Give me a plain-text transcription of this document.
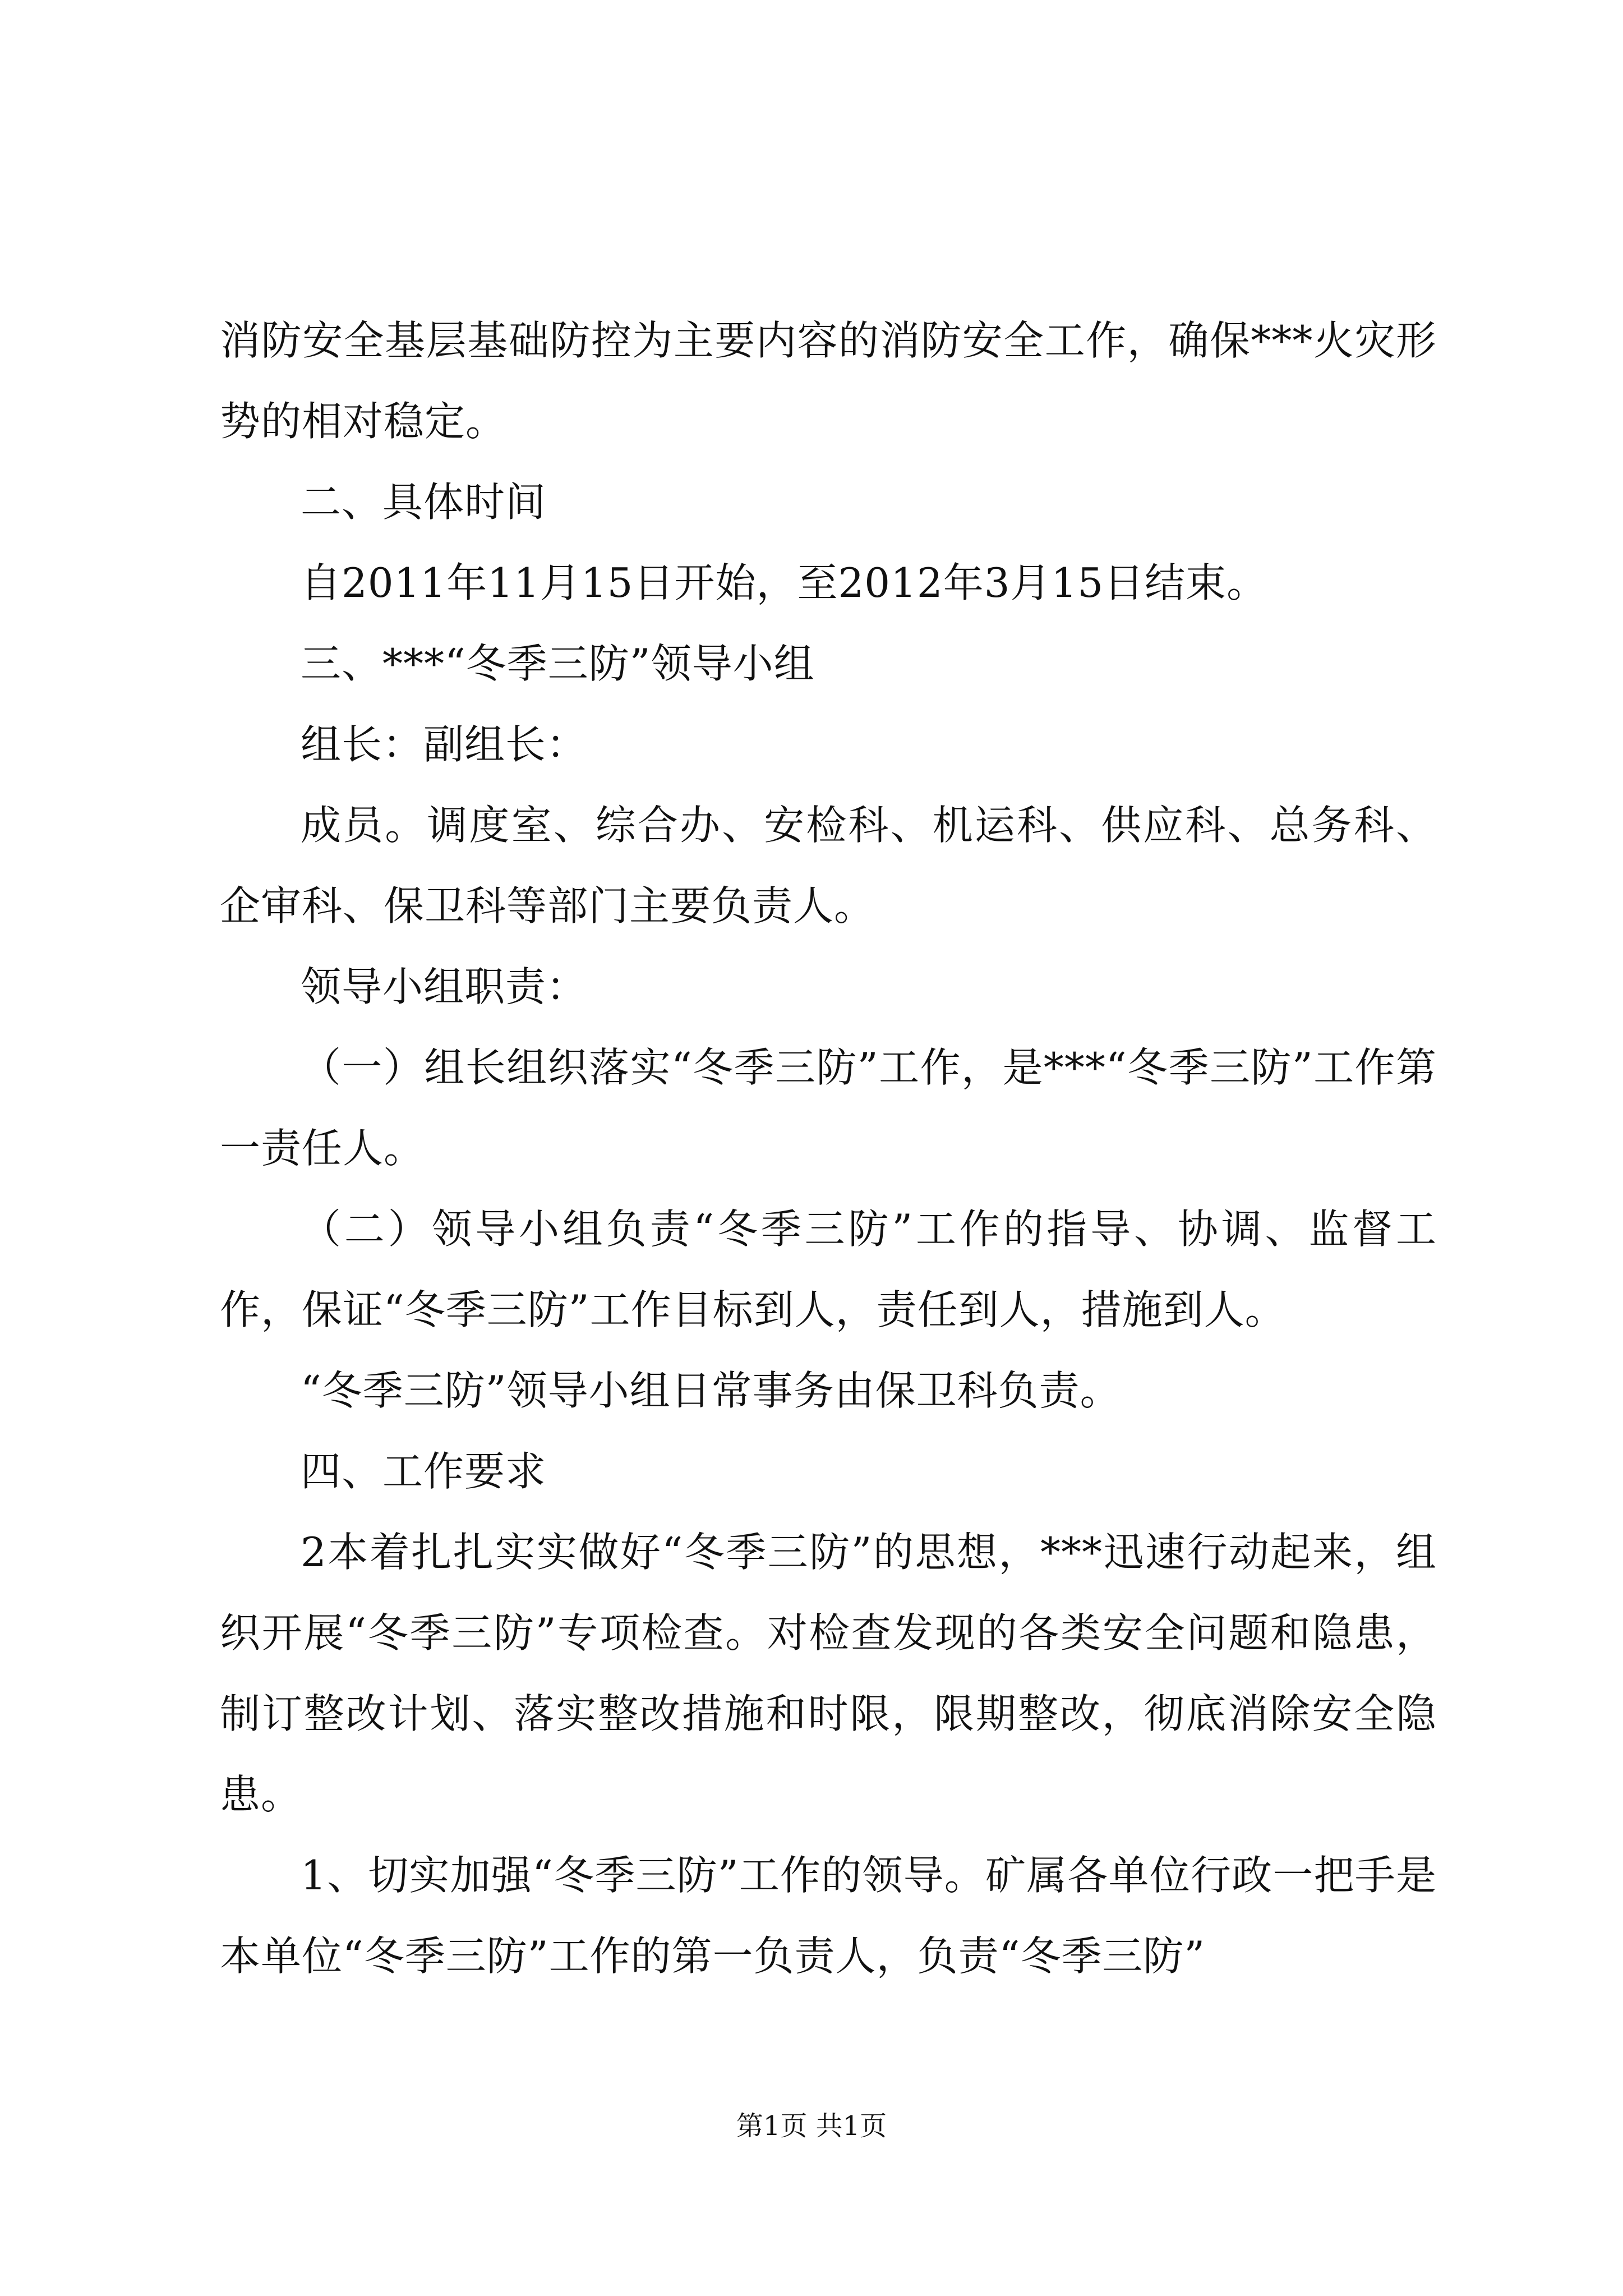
消防安全基层基础防控为主要内容的消防安全工作，确保***火灾形势的相对稳定。

二、具体时间

自2011年11月15日开始，至2012年3月15日结束。

三、***“冬季三防”领导小组

组长：副组长：

成员。调度室、综合办、安检科、机运科、供应科、总务科、企审科、保卫科等部门主要负责人。

领导小组职责：

（一）组长组织落实“冬季三防”工作，是***“冬季三防”工作第一责任人。

（二）领导小组负责“冬季三防”工作的指导、协调、监督工作，保证“冬季三防”工作目标到人，责任到人，措施到人。

“冬季三防”领导小组日常事务由保卫科负责。

四、工作要求

2本着扎扎实实做好“冬季三防”的思想，***迅速行动起来，组织开展“冬季三防”专项检查。对检查发现的各类安全问题和隐患，制订整改计划、落实整改措施和时限，限期整改，彻底消除安全隐患。

1、切实加强“冬季三防”工作的领导。矿属各单位行政一把手是本单位“冬季三防”工作的第一负责人，负责“冬季三防”

第1页 共1页
